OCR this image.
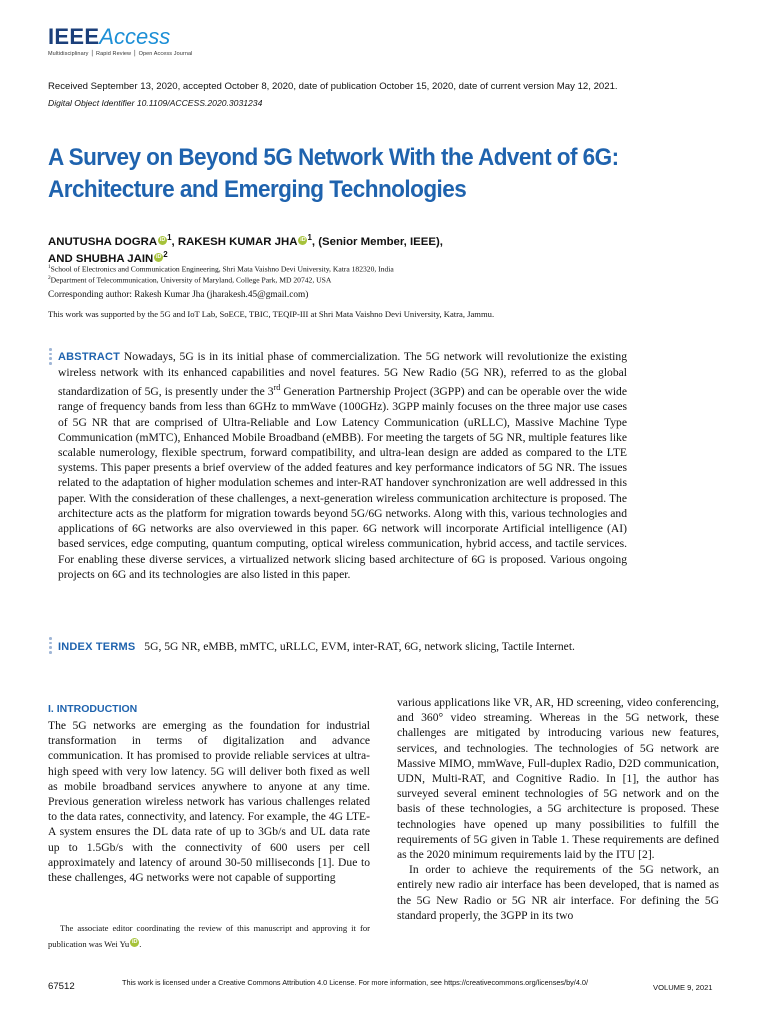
IEEEAccess
Multidisciplinary ⎪ Rapid Review ⎪ Open Access Journal
Received September 13, 2020, accepted October 8, 2020, date of publication October 15, 2020, date of current version May 12, 2021.
Digital Object Identifier 10.1109/ACCESS.2020.3031234
A Survey on Beyond 5G Network With the Advent of 6G: Architecture and Emerging Technologies
ANUTUSHA DOGRA iD $^1$, RAKESH KUMAR JHA iD $^1$, (Senior Member, IEEE),
AND SHUBHA JAIN iD $^2$
$^1$School of Electronics and Communication Engineering, Shri Mata Vaishno Devi University, Katra 182320, India
$^2$Department of Telecommunication, University of Maryland, College Park, MD 20742, USA
Corresponding author: Rakesh Kumar Jha (jharakesh.45@gmail.com)
This work was supported by the 5G and IoT Lab, SoECE, TBIC, TEQIP-III at Shri Mata Vaishno Devi University, Katra, Jammu.
ABSTRACT Nowadays, 5G is in its initial phase of commercialization. The 5G network will revolutionize the existing wireless network with its enhanced capabilities and novel features. 5G New Radio (5G NR), referred to as the global standardization of 5G, is presently under the 3rd Generation Partnership Project (3GPP) and can be operable over the wide range of frequency bands from less than 6GHz to mmWave (100GHz). 3GPP mainly focuses on the three major use cases of 5G NR that are comprised of Ultra-Reliable and Low Latency Communication (uRLLC), Massive Machine Type Communication (mMTC), Enhanced Mobile Broadband (eMBB). For meeting the targets of 5G NR, multiple features like scalable numerology, flexible spectrum, forward compatibility, and ultra-lean design are added as compared to the LTE systems. This paper presents a brief overview of the added features and key performance indicators of 5G NR. The issues related to the adaptation of higher modulation schemes and inter-RAT handover synchronization are well addressed in this paper. With the consideration of these challenges, a next-generation wireless communication architecture is proposed. The architecture acts as the platform for migration towards beyond 5G/6G networks. Along with this, various technologies and applications of 6G networks are also overviewed in this paper. 6G network will incorporate Artificial intelligence (AI) based services, edge computing, quantum computing, optical wireless communication, hybrid access, and tactile services. For enabling these diverse services, a virtualized network slicing based architecture of 6G is proposed. Various ongoing projects on 6G and its technologies are also listed in this paper.
INDEX TERMS 5G, 5G NR, eMBB, mMTC, uRLLC, EVM, inter-RAT, 6G, network slicing, Tactile Internet.
I. INTRODUCTION
The 5G networks are emerging as the foundation for industrial transformation in terms of digitalization and advance communication. It has promised to provide reliable services at ultra-high speed with very low latency. 5G will deliver both fixed as well as mobile broadband services anywhere to anyone at any time. Previous generation wireless network has various challenges related to the data rates, connectivity, and latency. For example, the 4G LTE-A system ensures the DL data rate of up to 3Gb/s and UL data rate up to 1.5Gb/s with the connectivity of 600 users per cell approximately and latency of around 30-50 milliseconds [1]. Due to these challenges, 4G networks were not capable of supporting
various applications like VR, AR, HD screening, video conferencing, and 360° video streaming. Whereas in the 5G network, these challenges are mitigated by introducing various new features, services, and technologies. The technologies of 5G network are Massive MIMO, mmWave, Full-duplex Radio, D2D communication, UDN, Multi-RAT, and Cognitive Radio. In [1], the author has surveyed several eminent technologies of 5G network and on the basis of these technologies, a 5G architecture is proposed. These technologies have opened up many possibilities to fulfill the requirements of 5G given in Table 1. These requirements are defined as the 2020 minimum requirements laid by the ITU [2].
In order to achieve the requirements of the 5G network, an entirely new radio air interface has been developed, that is named as the 5G New Radio or 5G NR air interface. For defining the 5G standard properly, the 3GPP in its two
The associate editor coordinating the review of this manuscript and approving it for publication was Wei Yu iD .
67512	This work is licensed under a Creative Commons Attribution 4.0 License. For more information, see https://creativecommons.org/licenses/by/4.0/
VOLUME 9, 2021
